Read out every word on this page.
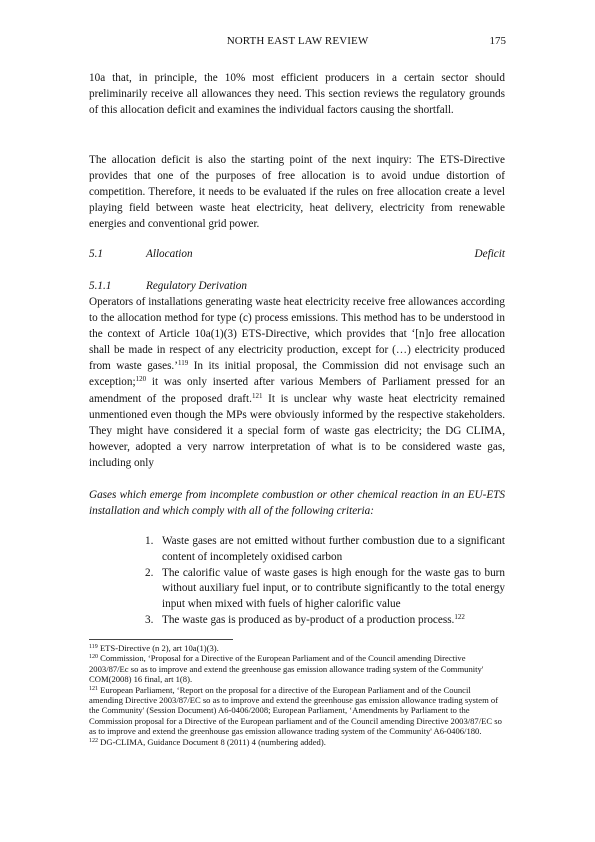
NORTH EAST LAW REVIEW	175

10a that, in principle, the 10% most efficient producers in a certain sector should preliminarily receive all allowances they need. This section reviews the regulatory grounds of this allocation deficit and examines the individual factors causing the shortfall.

The allocation deficit is also the starting point of the next inquiry: The ETS-Directive provides that one of the purposes of free allocation is to avoid undue distortion of competition. Therefore, it needs to be evaluated if the rules on free allocation create a level playing field between waste heat electricity, heat delivery, electricity from renewable energies and conventional grid power.

5.1	Allocation	Deficit
5.1.1	Regulatory Derivation

Operators of installations generating waste heat electricity receive free allowances according to the allocation method for type (c) process emissions. This method has to be understood in the context of Article 10a(1)(3) ETS-Directive, which provides that ‘[n]o free allocation shall be made in respect of any electricity production, except for (…) electricity produced from waste gases.’$^{119}$ In its initial proposal, the Commission did not envisage such an exception;$^{120}$ it was only inserted after various Members of Parliament pressed for an amendment of the proposed draft.$^{121}$ It is unclear why waste heat electricity remained unmentioned even though the MPs were obviously informed by the respective stakeholders. They might have considered it a special form of waste gas electricity; the DG CLIMA, however, adopted a very narrow interpretation of what is to be considered waste gas, including only

Gases which emerge from incomplete combustion or other chemical reaction in an EU-ETS installation and which comply with all of the following criteria:
1. Waste gases are not emitted without further combustion due to a significant content of incompletely oxidised carbon
2. The calorific value of waste gases is high enough for the waste gas to burn without auxiliary fuel input, or to contribute significantly to the total energy input when mixed with fuels of higher calorific value
3. The waste gas is produced as by-product of a production process.$^{122}$

$^{119}$ ETS-Directive (n 2), art 10a(1)(3).

$^{120}$ Commission, ‘Proposal for a Directive of the European Parliament and of the Council amending Directive 2003/87/Ec so as to improve and extend the greenhouse gas emission allowance trading system of the Community' COM(2008) 16 final, art 1(8).

$^{121}$ European Parliament, ‘Report on the proposal for a directive of the European Parliament and of the Council amending Directive 2003/87/EC so as to improve and extend the greenhouse gas emission allowance trading system of the Community' (Session Document) A6-0406/2008; European Parliament, ‘Amendments by Parliament to the Commission proposal for a Directive of the European parliament and of the Council amending Directive 2003/87/EC so as to improve and extend the greenhouse gas emission allowance trading system of the Community' A6-0406/180.

$^{122}$ DG-CLIMA, Guidance Document 8 (2011) 4 (numbering added).
